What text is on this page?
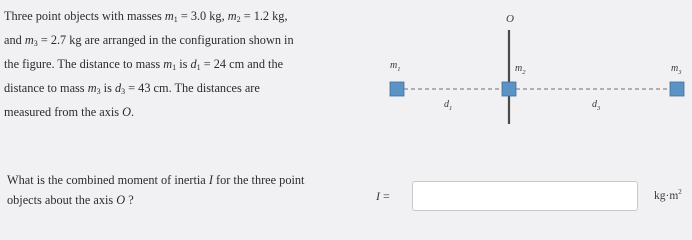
Three point objects with masses $m_1 = 3.0$ kg, $m_2 = 1.2$ kg,
and $m_3 = 2.7$ kg are arranged in the configuration shown in
the figure. The distance to mass $m_1$ is $d_1 = 24$ cm and the
distance to mass $m_3$ is $d_3 = 43$ cm. The distances are
measured from the axis O.
O
$m_1$	$m_2$	$m_3$
$d_1$	$d_3$
What is the combined moment of inertia I for the three point
objects about the axis O ?	I =	$kg\cdot m^2$
